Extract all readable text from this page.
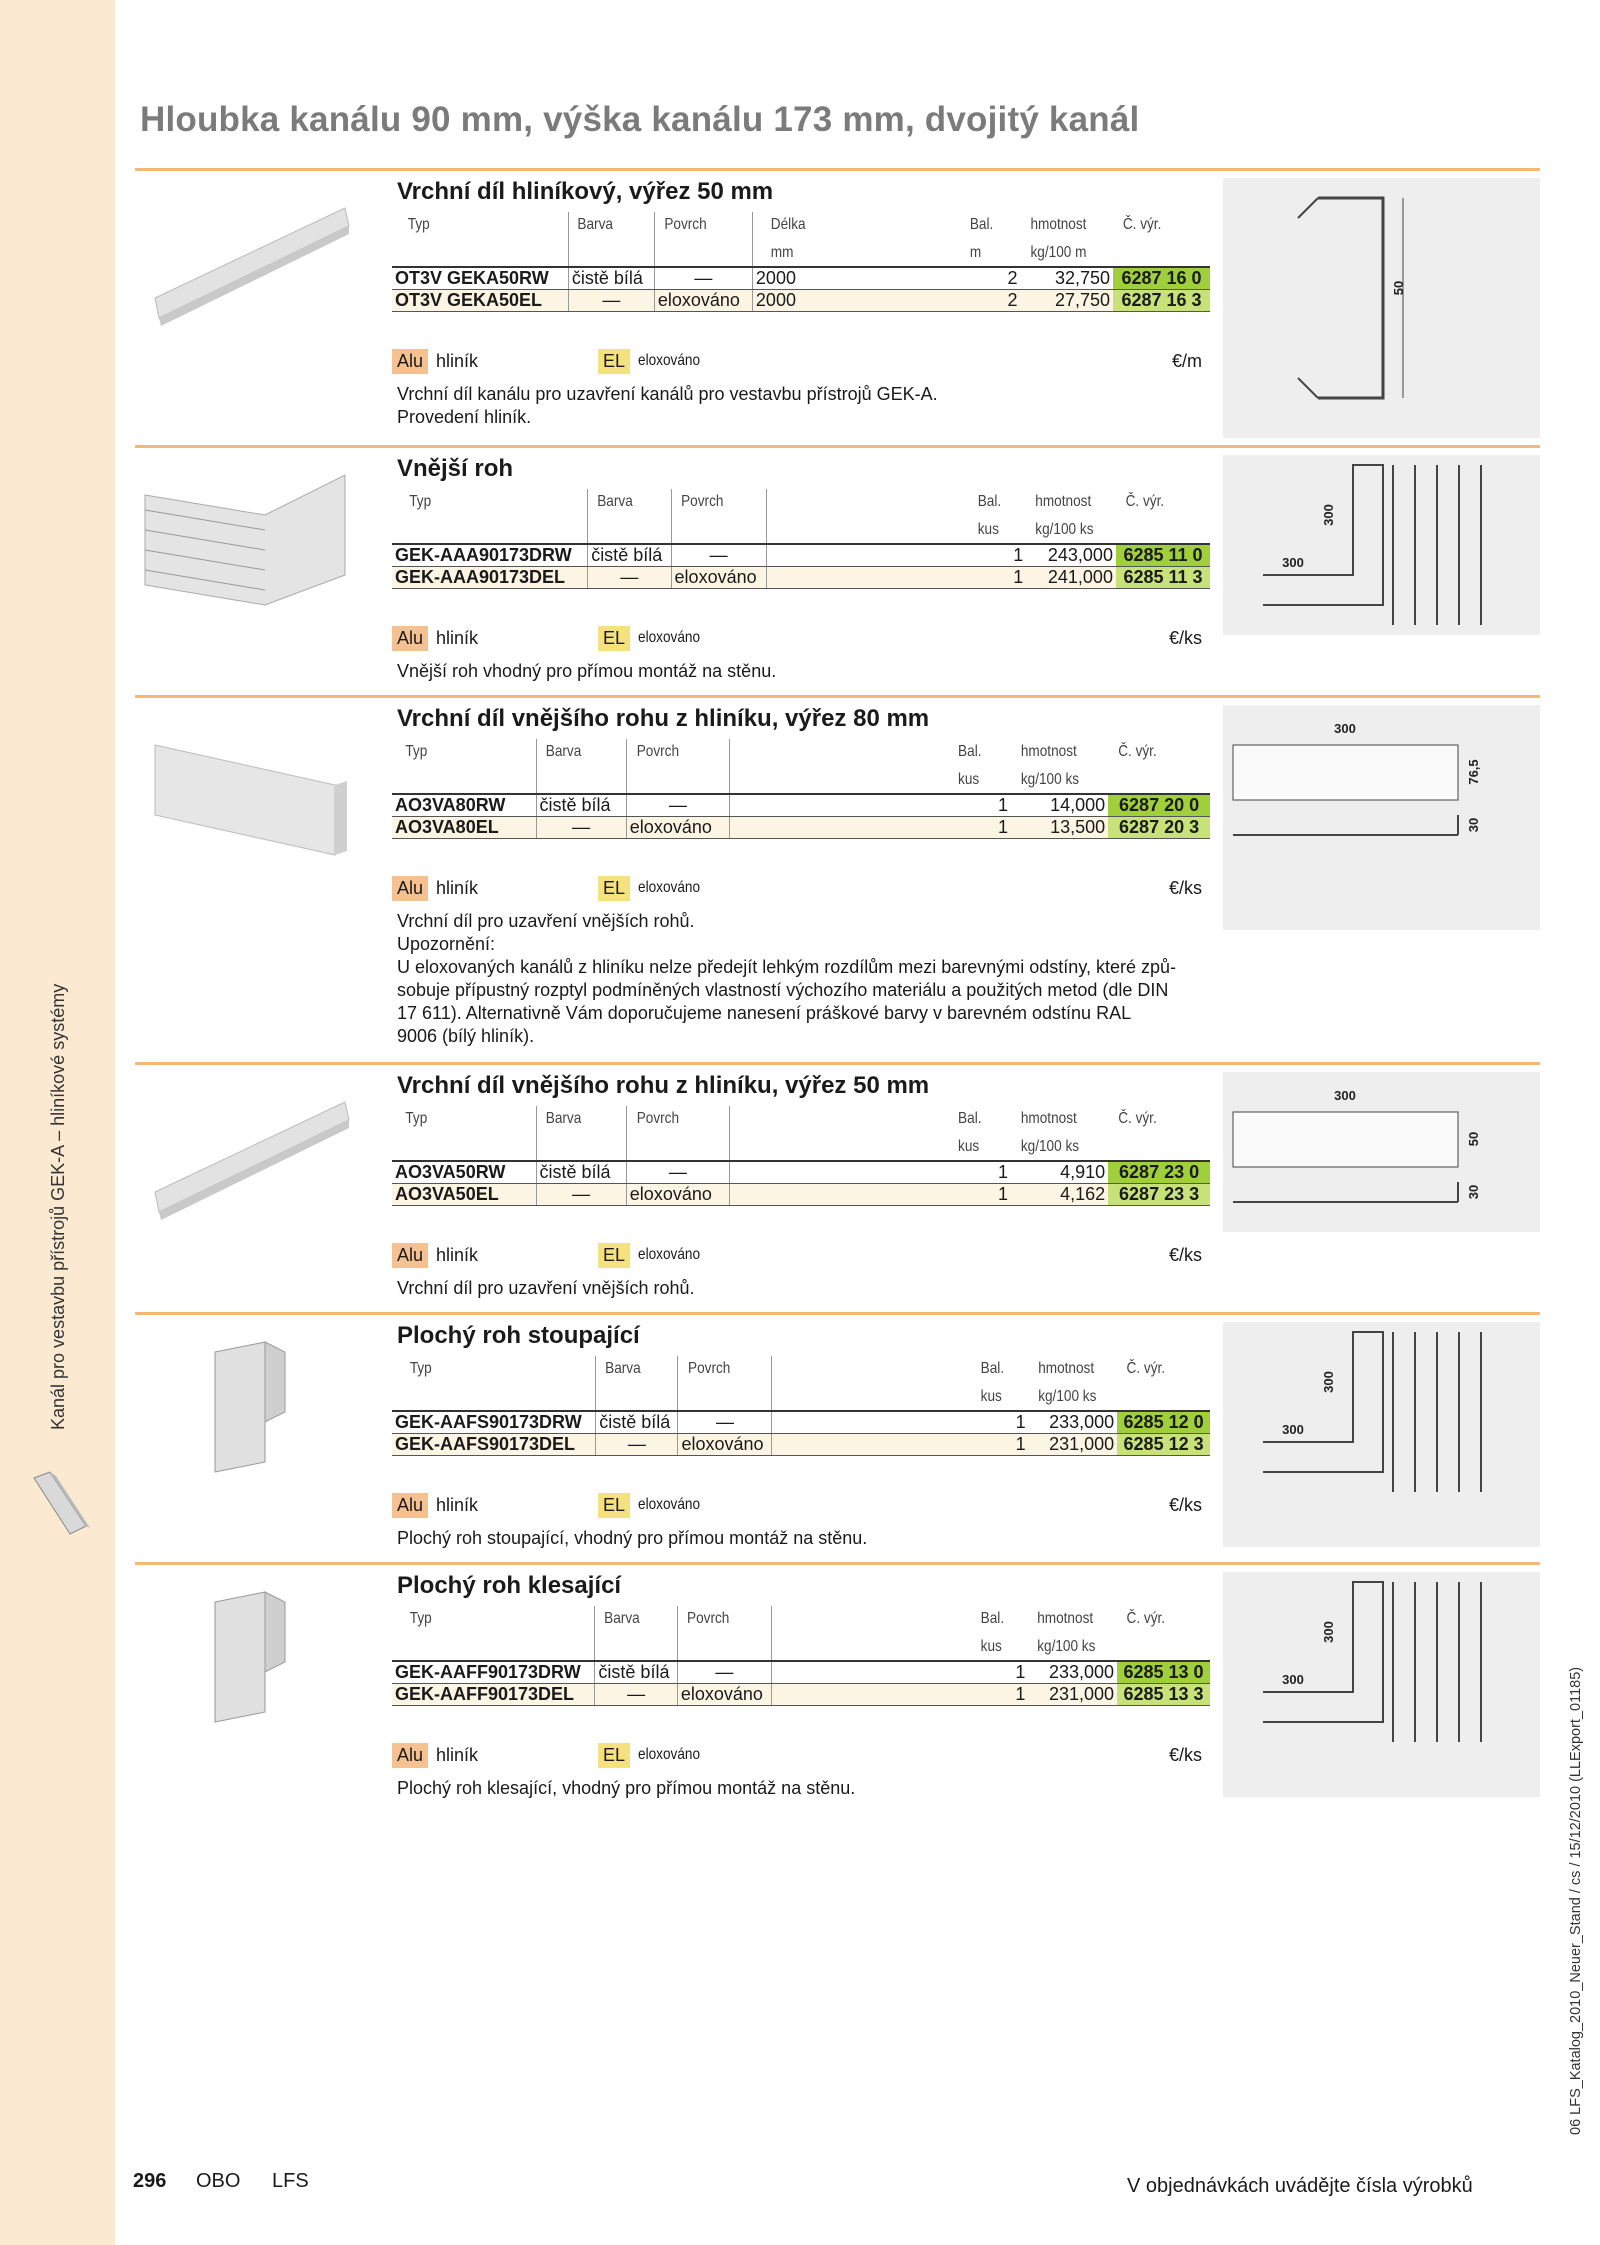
Kanál pro vestavbu přístrojů GEK-A – hliníkové systémy
Hloubka kanálu 90 mm, výška kanálu 173 mm, dvojitý kanál
Vrchní díl hliníkový, výřez 50 mm
Typ	Barva	Povrch	Délka	Bal.	hmotnost	Č. výr.
			mm	m	kg/100 m	
OT3V GEKA50RW	čistě bílá	—	2000	2	32,750	6287 16 0
OT3V GEKA50EL	—	eloxováno	2000	2	27,750	6287 16 3
Alu hliník	EL eloxováno	€/m
Vrchní díl kanálu pro uzavření kanálů pro vestavbu přístrojů GEK-A.
Provedení hliník.
50
Vnější roh
Typ	Barva	Povrch		Bal.	hmotnost	Č. výr.
				kus	kg/100 ks	
GEK-AAA90173DRW	čistě bílá	—		1	243,000	6285 11 0
GEK-AAA90173DEL	—	eloxováno		1	241,000	6285 11 3
Alu hliník	EL eloxováno	€/ks
Vnější roh vhodný pro přímou montáž na stěnu.
300
300
Vrchní díl vnějšího rohu z hliníku, výřez 80 mm
Typ	Barva	Povrch		Bal.	hmotnost	Č. výr.
				kus	kg/100 ks	
AO3VA80RW	čistě bílá	—		1	14,000	6287 20 0
AO3VA80EL	—	eloxováno		1	13,500	6287 20 3
Alu hliník	EL eloxováno	€/ks
Vrchní díl pro uzavření vnějších rohů.
Upozornění:
U eloxovaných kanálů z hliníku nelze předejít lehkým rozdílům mezi barevnými odstíny, které způ-
sobuje přípustný rozptyl podmíněných vlastností výchozího materiálu a použitých metod (dle DIN
17 611). Alternativně Vám doporučujeme nanesení práškové barvy v barevném odstínu RAL
9006 (bílý hliník).
300
76,5
30
Vrchní díl vnějšího rohu z hliníku, výřez 50 mm
Typ	Barva	Povrch		Bal.	hmotnost	Č. výr.
				kus	kg/100 ks	
AO3VA50RW	čistě bílá	—		1	4,910	6287 23 0
AO3VA50EL	—	eloxováno		1	4,162	6287 23 3
Alu hliník	EL eloxováno	€/ks
Vrchní díl pro uzavření vnějších rohů.
300
50
30
Plochý roh stoupající
Typ	Barva	Povrch		Bal.	hmotnost	Č. výr.
				kus	kg/100 ks	
GEK-AAFS90173DRW	čistě bílá	—		1	233,000	6285 12 0
GEK-AAFS90173DEL	—	eloxováno		1	231,000	6285 12 3
Alu hliník	EL eloxováno	€/ks
Plochý roh stoupající, vhodný pro přímou montáž na stěnu.
300
300
Plochý roh klesající
Typ	Barva	Povrch		Bal.	hmotnost	Č. výr.
				kus	kg/100 ks	
GEK-AAFF90173DRW	čistě bílá	—		1	233,000	6285 13 0
GEK-AAFF90173DEL	—	eloxováno		1	231,000	6285 13 3
Alu hliník	EL eloxováno	€/ks
Plochý roh klesající, vhodný pro přímou montáž na stěnu.
300
300
296 OBO LFS	V objednávkách uvádějte čísla výrobků
06 LFS_Katalog_2010_Neuer_Stand / cs / 15/12/2010 (LLExport_01185)
